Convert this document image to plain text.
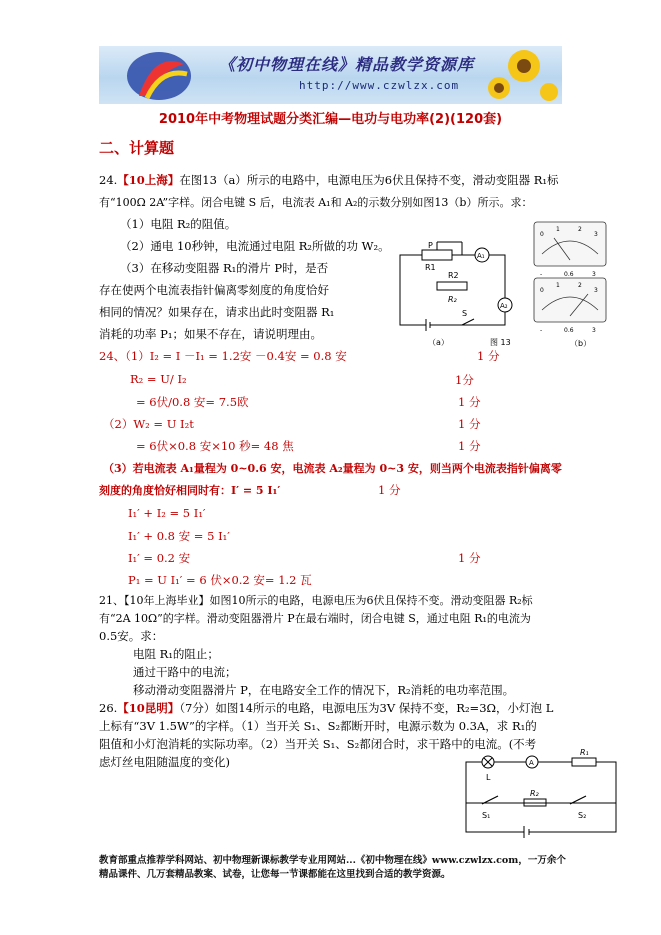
《初中物理在线》精品教学资源库
http://www.czwlzx.com
2010年中考物理试题分类汇编—电功与电功率(2)(120套)
二、计算题
24.【10上海】在图13（a）所示的电路中，电源电压为6伏且保持不变，滑动变阻器 R₁标
有“100Ω 2A”字样。闭合电键 S 后，电流表 A₁和 A₂的示数分别如图13（b）所示。求：
（1）电阻 R₂的阻值。
（2）通电 10秒钟，电流通过电阻 R₂所做的功 W₂。
（3）在移动变阻器 R₁的滑片 P时，是否
存在使两个电流表指针偏离零刻度的角度恰好
相同的情况？如果存在，请求出此时变阻器 R₁
消耗的功率 P₁；如果不存在，请说明理由。
P
R1
R2
R₂
A₁
A₂
S
（a）	图 13
0
1	2
3
-	0.6	3
0
1	2
3
-	0.6	3
（b）
24、（1）I₂ = I －I₁ = 1.2安 －0.4安 = 0.8 安	1 分
R₂ = U/ I₂	1分
= 6伏/0.8 安= 7.5欧	1 分
（2）W₂ = U I₂t	1 分
= 6伏×0.8 安×10 秒= 48 焦	1 分
（3）若电流表 A₁量程为 0~0.6 安，电流表 A₂量程为 0~3 安，则当两个电流表指针偏离零
刻度的角度恰好相同时有：I′ = 5 I₁′	1 分
I₁′ + I₂ = 5 I₁′
I₁′ + 0.8 安 = 5 I₁′
I₁′ = 0.2 安	1 分
P₁ = U I₁′ = 6 伏×0.2 安= 1.2 瓦
21、【10年上海毕业】如图10所示的电路，电源电压为6伏且保持不变。滑动变阻器 R₂标
有“2A 10Ω”的字样。滑动变阻器滑片 P在最右端时，闭合电键 S，通过电阻 R₁的电流为
0.5安。求：
电阻 R₁的阻止；
通过干路中的电流；
移动滑动变阻器滑片 P，在电路安全工作的情况下，R₂消耗的电功率范围。
26.【10昆明】（7分）如图14所示的电路，电源电压为3V 保持不变，R₂=3Ω，小灯泡 L
上标有“3V 1.5W”的字样。（1）当开关 S₁、S₂都断开时，电源示数为 0.3A，求 R₁的
阻值和小灯泡消耗的实际功率。（2）当开关 S₁、S₂都闭合时，求干路中的电流。(不考
虑灯丝电阻随温度的变化)
L
A
R₁
R₂
S₁	S₂
教育部重点推荐学科网站、初中物理新课标教学专业用网站...《初中物理在线》www.czwlzx.com，一万余个精品课件、几万套精品教案、试卷，让您每一节课都能在这里找到合适的教学资源。
